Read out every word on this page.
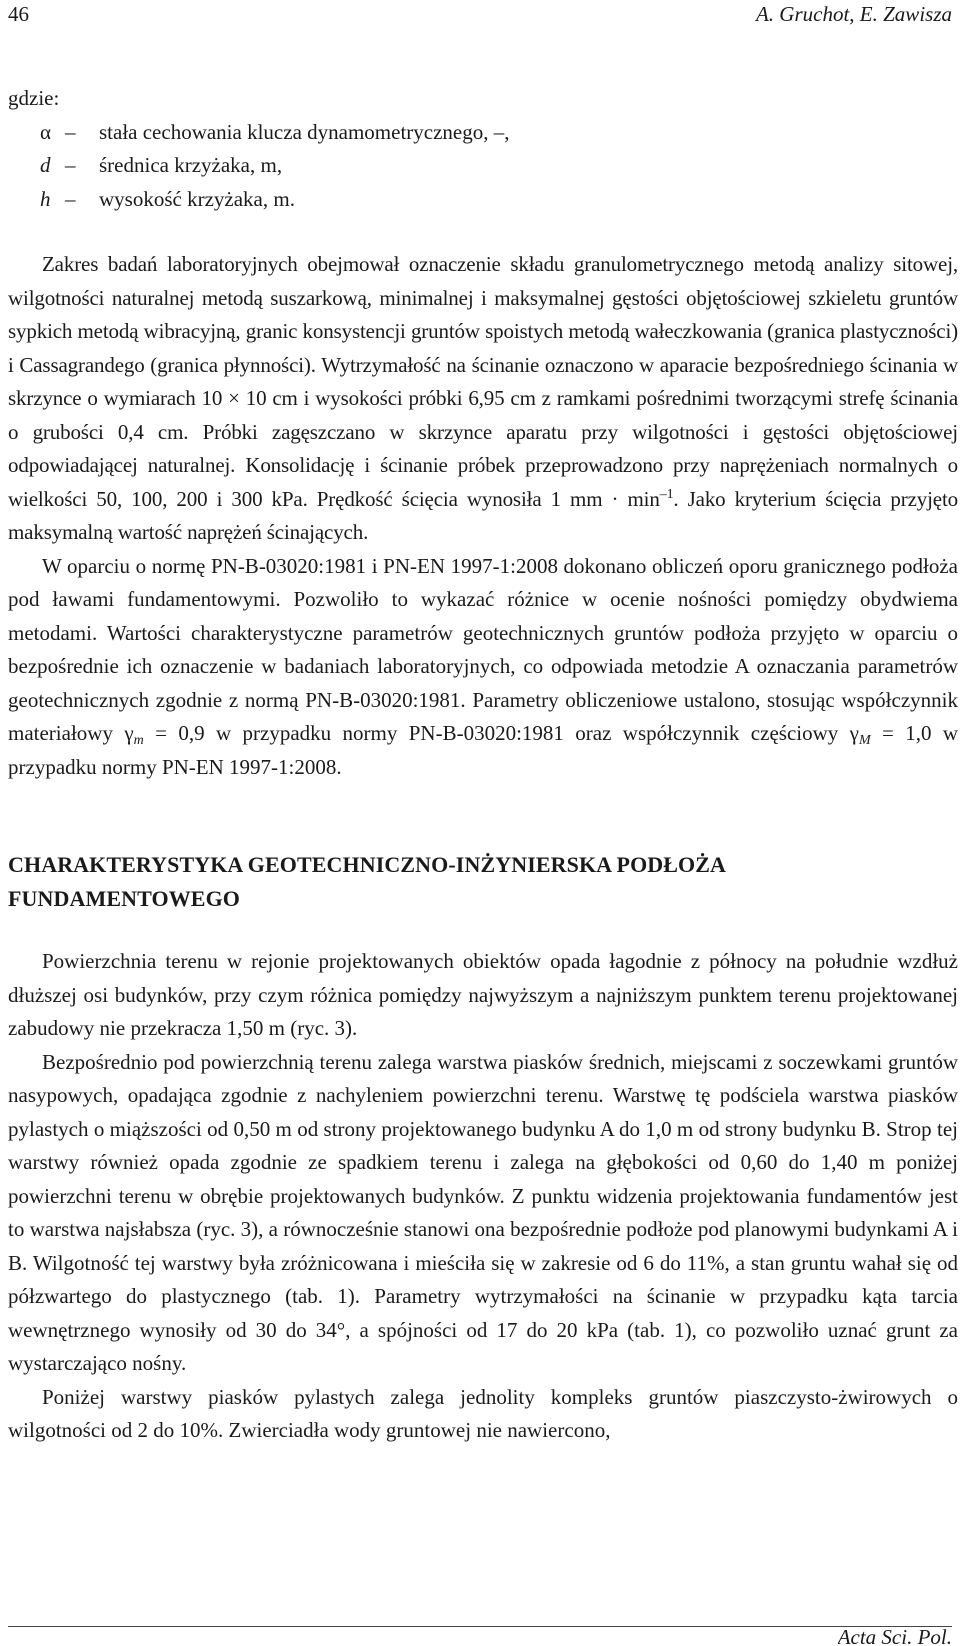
46	A. Gruchot, E. Zawisza

gdzie:

α – stała cechowania klucza dynamometrycznego, –,
d – średnica krzyżaka, m,
h – wysokość krzyżaka, m.

Zakres badań laboratoryjnych obejmował oznaczenie składu granulometrycznego metodą analizy sitowej, wilgotności naturalnej metodą suszarkową, minimalnej i maksymalnej gęstości objętościowej szkieletu gruntów sypkich metodą wibracyjną, granic konsystencji gruntów spoistych metodą wałeczkowania (granica plastyczności) i Cassagrandego (granica płynności). Wytrzymałość na ścinanie oznaczono w aparacie bezpośredniego ścinania w skrzynce o wymiarach 10 × 10 cm i wysokości próbki 6,95 cm z ramkami pośrednimi tworzącymi strefę ścinania o grubości 0,4 cm. Próbki zagęszczano w skrzynce aparatu przy wilgotności i gęstości objętościowej odpowiadającej naturalnej. Konsolidację i ścinanie próbek przeprowadzono przy naprężeniach normalnych o wielkości 50, 100, 200 i 300 kPa. Prędkość ścięcia wynosiła 1 mm · $\min^{-1}$. Jako kryterium ścięcia przyjęto maksymalną wartość naprężeń ścinających.

W oparciu o normę PN-B-03020:1981 i PN-EN 1997-1:2008 dokonano obliczeń oporu granicznego podłoża pod ławami fundamentowymi. Pozwoliło to wykazać różnice w ocenie nośności pomiędzy obydwiema metodami. Wartości charakterystyczne parametrów geotechnicznych gruntów podłoża przyjęto w oparciu o bezpośrednie ich oznaczenie w badaniach laboratoryjnych, co odpowiada metodzie A oznaczania parametrów geotechnicznych zgodnie z normą PN-B-03020:1981. Parametry obliczeniowe ustalono, stosując współczynnik materiałowy $\gamma_m = 0,9$ w przypadku normy PN-B-03020:1981 oraz współczynnik częściowy $\gamma_M = 1,0$ w przypadku normy PN-EN 1997-1:2008.

CHARAKTERYSTYKA GEOTECHNICZNO-INŻYNIERSKA PODŁOŻA
FUNDAMENTOWEGO

Powierzchnia terenu w rejonie projektowanych obiektów opada łagodnie z północy na południe wzdłuż dłuższej osi budynków, przy czym różnica pomiędzy najwyższym a najniższym punktem terenu projektowanej zabudowy nie przekracza 1,50 m (ryc. 3).

Bezpośrednio pod powierzchnią terenu zalega warstwa piasków średnich, miejscami z soczewkami gruntów nasypowych, opadająca zgodnie z nachyleniem powierzchni terenu. Warstwę tę podściela warstwa piasków pylastych o miąższości od 0,50 m od strony projektowanego budynku A do 1,0 m od strony budynku B. Strop tej warstwy również opada zgodnie ze spadkiem terenu i zalega na głębokości od 0,60 do 1,40 m poniżej powierzchni terenu w obrębie projektowanych budynków. Z punktu widzenia projektowania fundamentów jest to warstwa najsłabsza (ryc. 3), a równocześnie stanowi ona bezpośrednie podłoże pod planowymi budynkami A i B. Wilgotność tej warstwy była zróżnicowana i mieściła się w zakresie od 6 do 11%, a stan gruntu wahał się od półzwartego do plastycznego (tab. 1). Parametry wytrzymałości na ścinanie w przypadku kąta tarcia wewnętrznego wynosiły od 30 do 34°, a spójności od 17 do 20 kPa (tab. 1), co pozwoliło uznać grunt za wystarczająco nośny.

Poniżej warstwy piasków pylastych zalega jednolity kompleks gruntów piaszczysto-żwirowych o wilgotności od 2 do 10%. Zwierciadła wody gruntowej nie nawiercono,

Acta Sci. Pol.
